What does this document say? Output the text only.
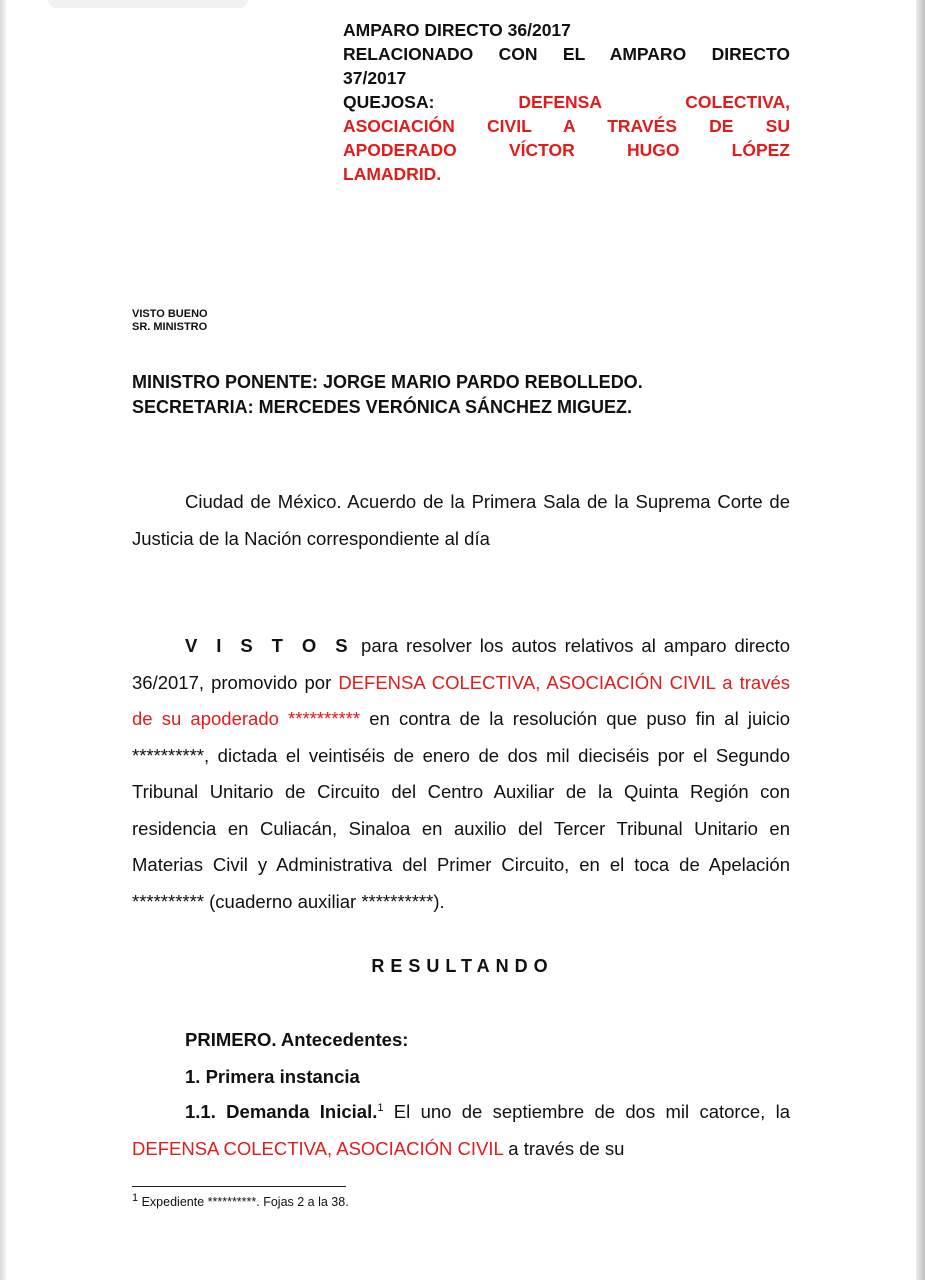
AMPARO DIRECTO 36/2017
RELACIONADO CON EL AMPARO DIRECTO
37/2017
QUEJOSA:	DEFENSA	COLECTIVA,
ASOCIACIÓN CIVIL A TRAVÉS DE SU
APODERADO VÍCTOR HUGO LÓPEZ
LAMADRID.
VISTO BUENO
SR. MINISTRO
MINISTRO PONENTE: JORGE MARIO PARDO REBOLLEDO.
SECRETARIA: MERCEDES VERÓNICA SÁNCHEZ MIGUEZ.
Ciudad de México. Acuerdo de la Primera Sala de la Suprema Corte de Justicia de la Nación correspondiente al día
V I S T O S para resolver los autos relativos al amparo directo 36/2017, promovido por DEFENSA COLECTIVA, ASOCIACIÓN CIVIL a través de su apoderado ********** en contra de la resolución que puso fin al juicio **********, dictada el veintiséis de enero de dos mil dieciséis por el Segundo Tribunal Unitario de Circuito del Centro Auxiliar de la Quinta Región con residencia en Culiacán, Sinaloa en auxilio del Tercer Tribunal Unitario en Materias Civil y Administrativa del Primer Circuito, en el toca de Apelación ********** (cuaderno auxiliar **********).
RESULTANDO
PRIMERO. Antecedentes:
1. Primera instancia
1.1. Demanda Inicial.$^1$ El uno de septiembre de dos mil catorce, la DEFENSA COLECTIVA, ASOCIACIÓN CIVIL a través de su
$^1$ Expediente **********. Fojas 2 a la 38.
